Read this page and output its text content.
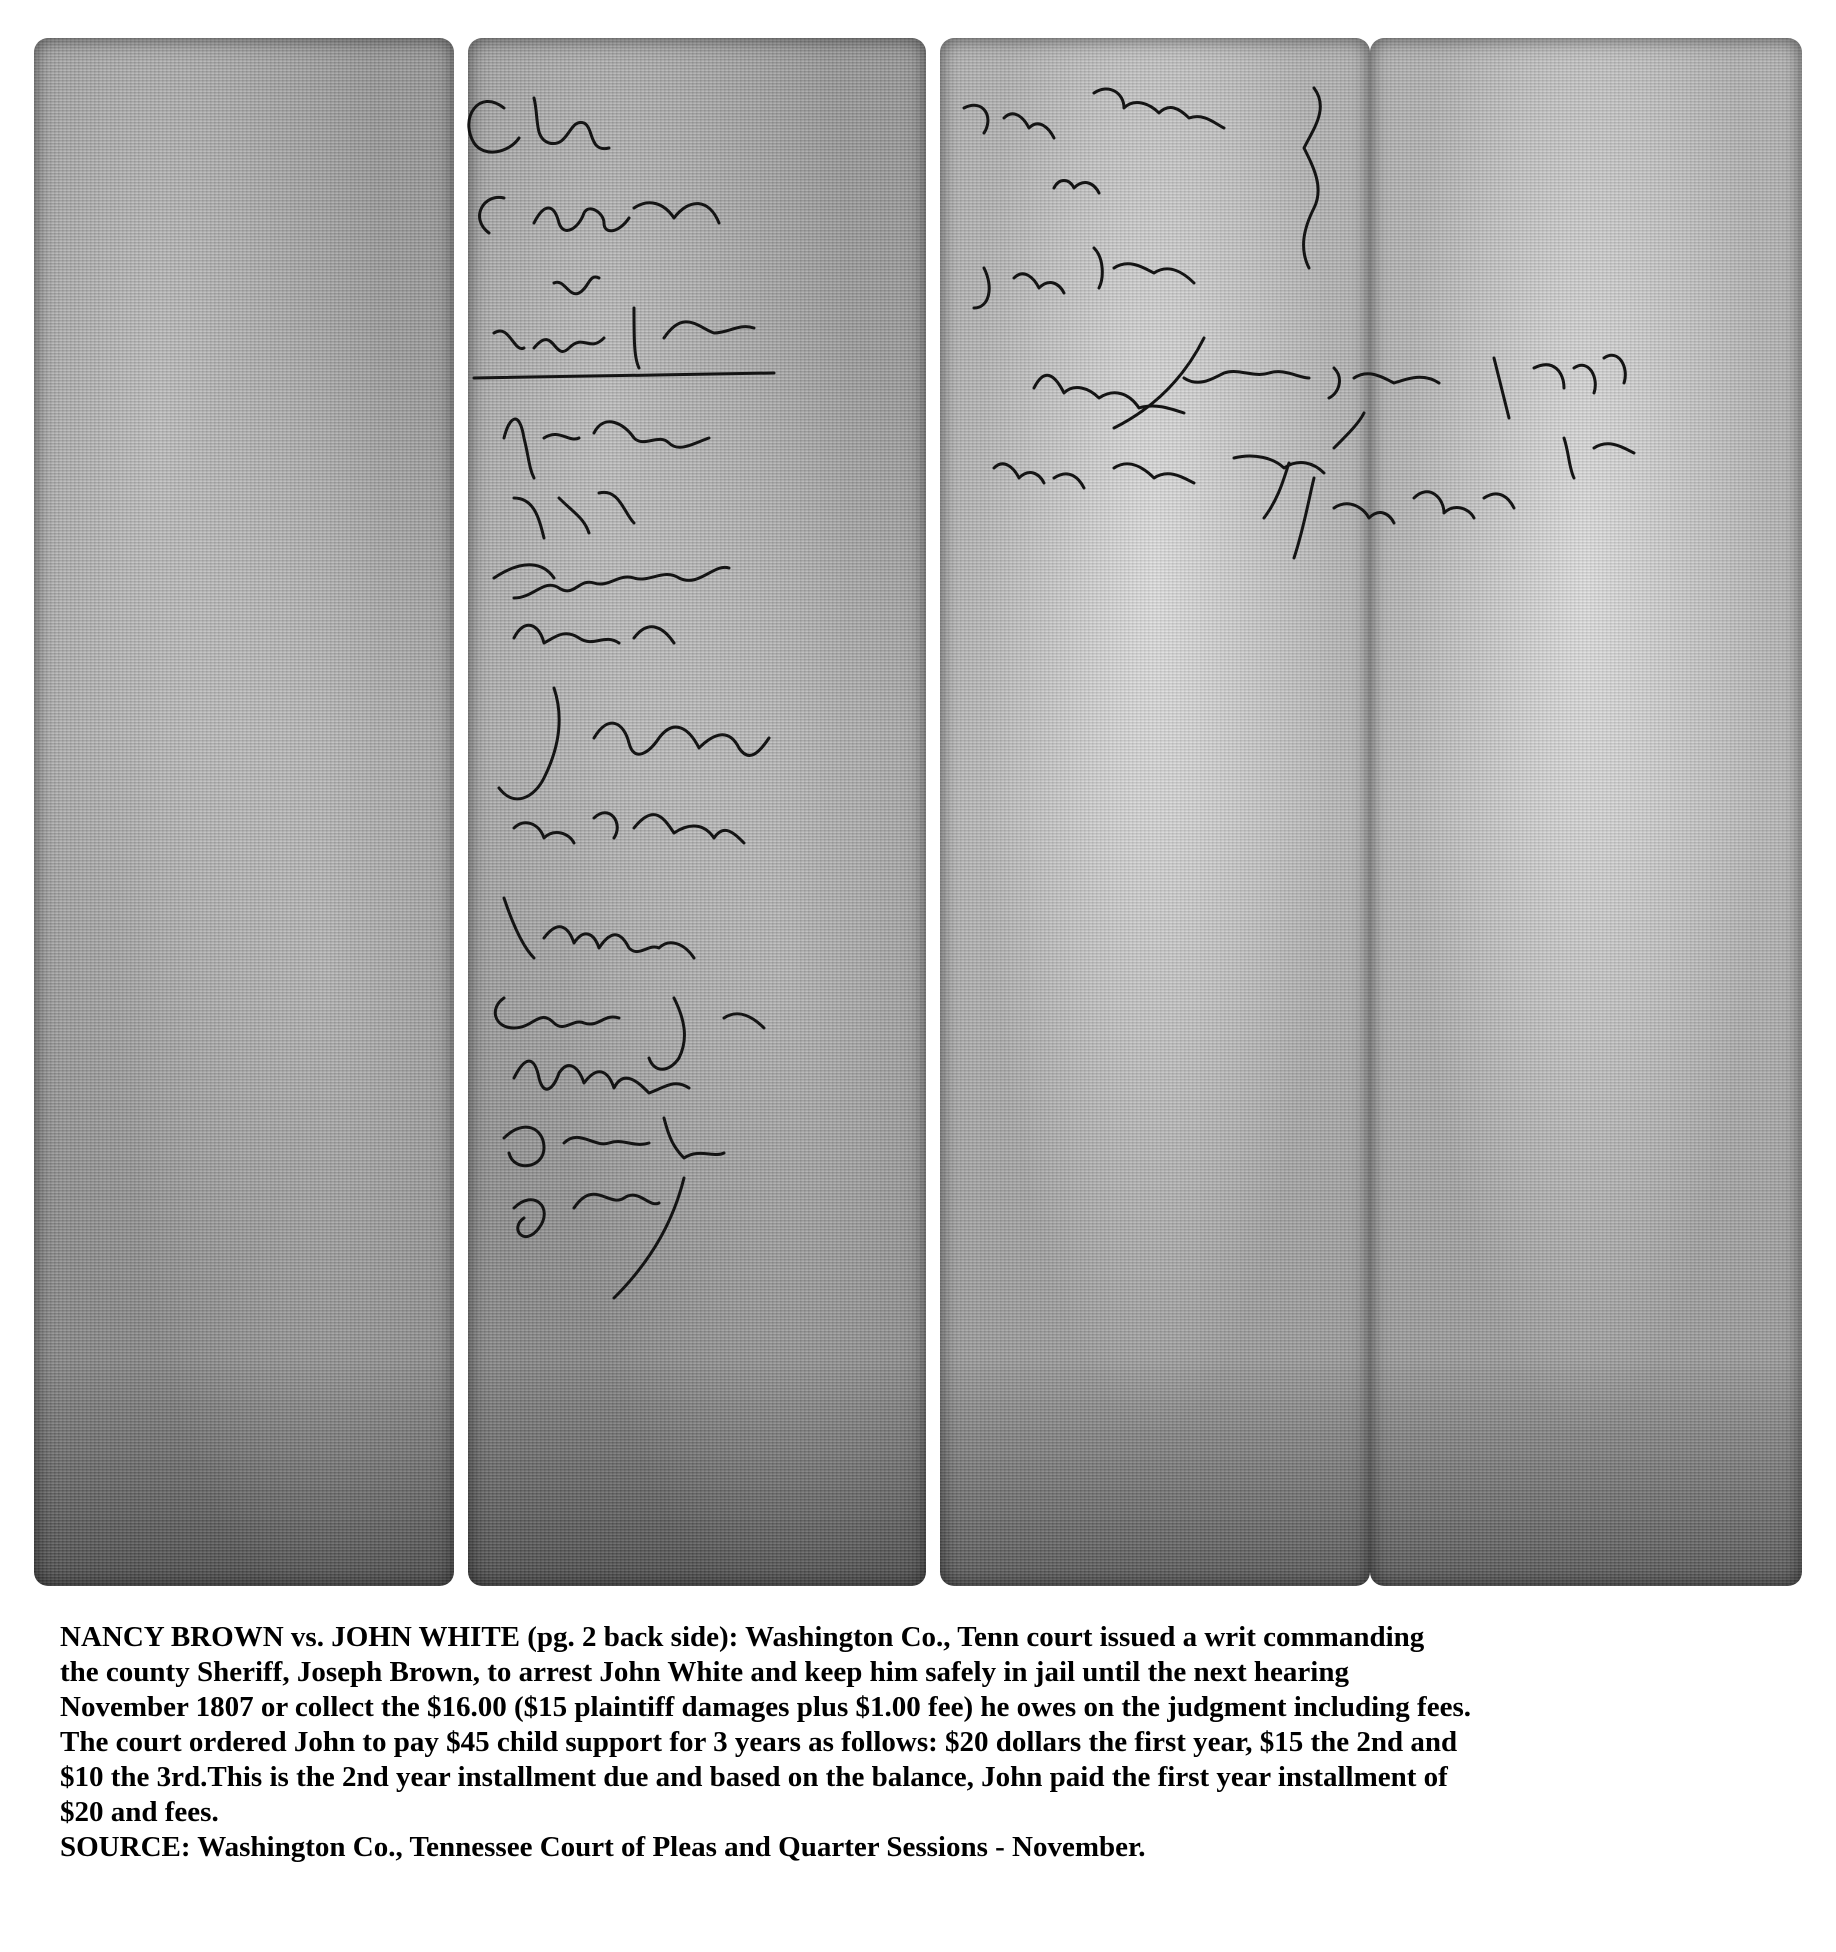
NANCY BROWN vs. JOHN WHITE (pg. 2 back side): Washington Co., Tenn court issued a writ commanding

the county Sheriff, Joseph Brown, to arrest John White and keep him safely in jail until the next hearing

November 1807 or collect the $16.00 ($15 plaintiff damages plus $1.00 fee) he owes on the judgment including fees.

The court ordered John to pay $45 child support for 3 years as follows: $20 dollars the first year, $15 the 2nd and

$10 the 3rd.This is the 2nd year installment due and based on the balance, John paid the first year installment of

$20 and fees.

SOURCE: Washington Co., Tennessee Court of Pleas and Quarter Sessions - November.
